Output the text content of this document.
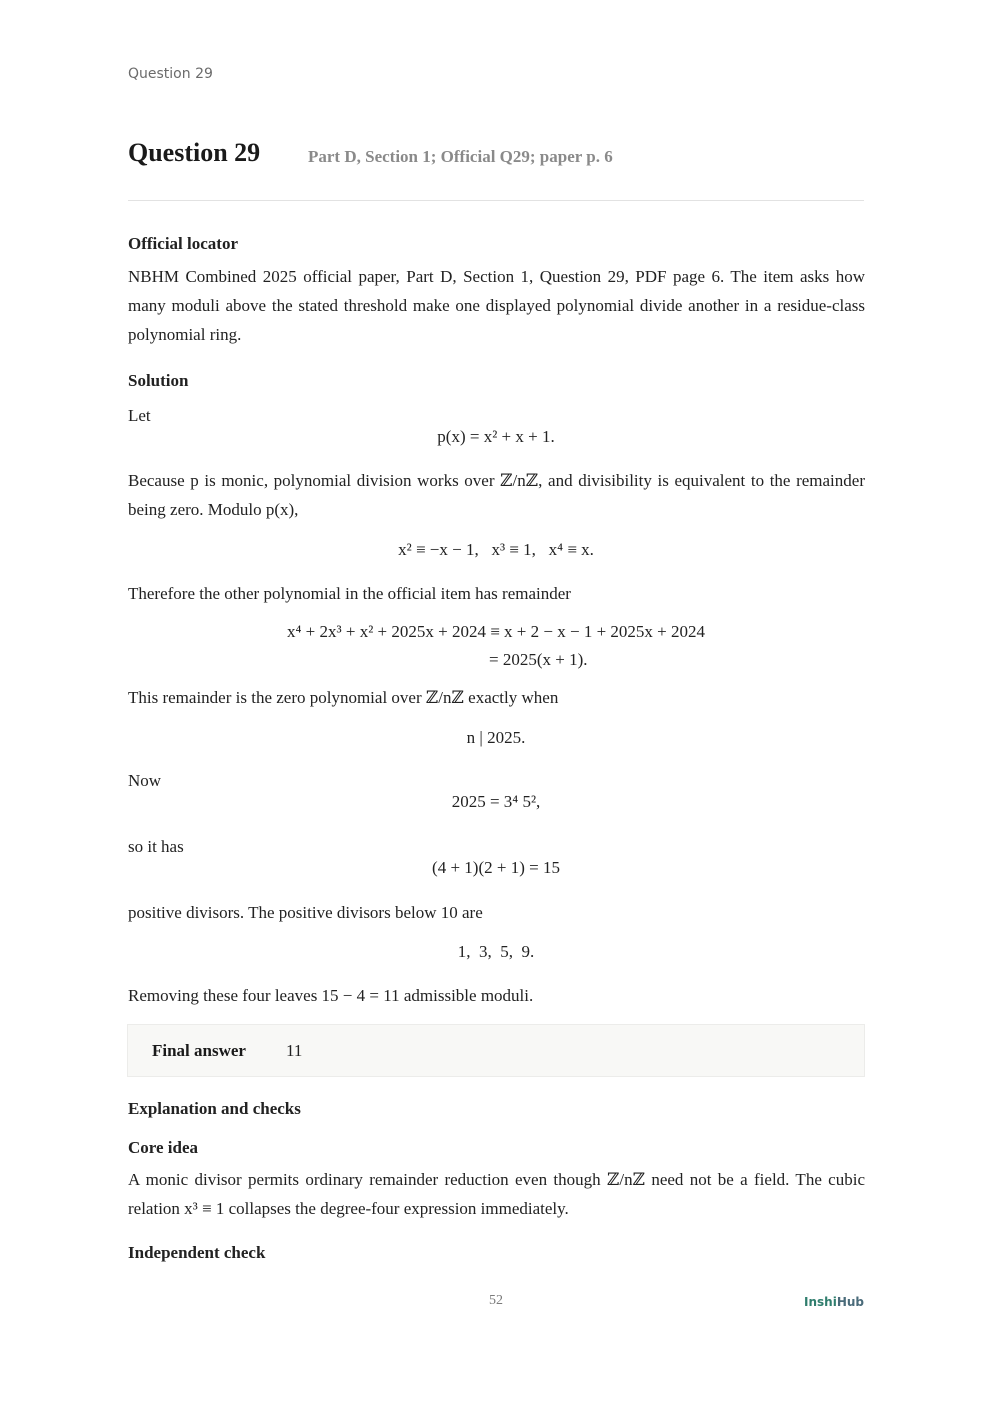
Question 29
Question 29	Part D, Section 1; Official Q29; paper p. 6
Official locator
NBHM Combined 2025 official paper, Part D, Section 1, Question 29, PDF page 6. The item asks how many moduli above the stated threshold make one displayed polynomial divide another in a residue-class polynomial ring.
Solution
Let
p(x) = x² + x + 1.
Because p is monic, polynomial division works over ℤ/nℤ, and divisibility is equivalent to the remainder being zero. Modulo p(x),
x² ≡ −x − 1,   x³ ≡ 1,   x⁴ ≡ x.
Therefore the other polynomial in the official item has remainder
x⁴ + 2x³ + x² + 2025x + 2024 ≡ x + 2 − x − 1 + 2025x + 2024
= 2025(x + 1).
This remainder is the zero polynomial over ℤ/nℤ exactly when
n | 2025.
Now
2025 = 3⁴ 5²,
so it has
(4 + 1)(2 + 1) = 15
positive divisors. The positive divisors below 10 are
1,  3,  5,  9.
Removing these four leaves 15 − 4 = 11 admissible moduli.
Final answer 11
Explanation and checks
Core idea
A monic divisor permits ordinary remainder reduction even though ℤ/nℤ need not be a field. The cubic relation x³ ≡ 1 collapses the degree-four expression immediately.
Independent check
52	InshiHub
